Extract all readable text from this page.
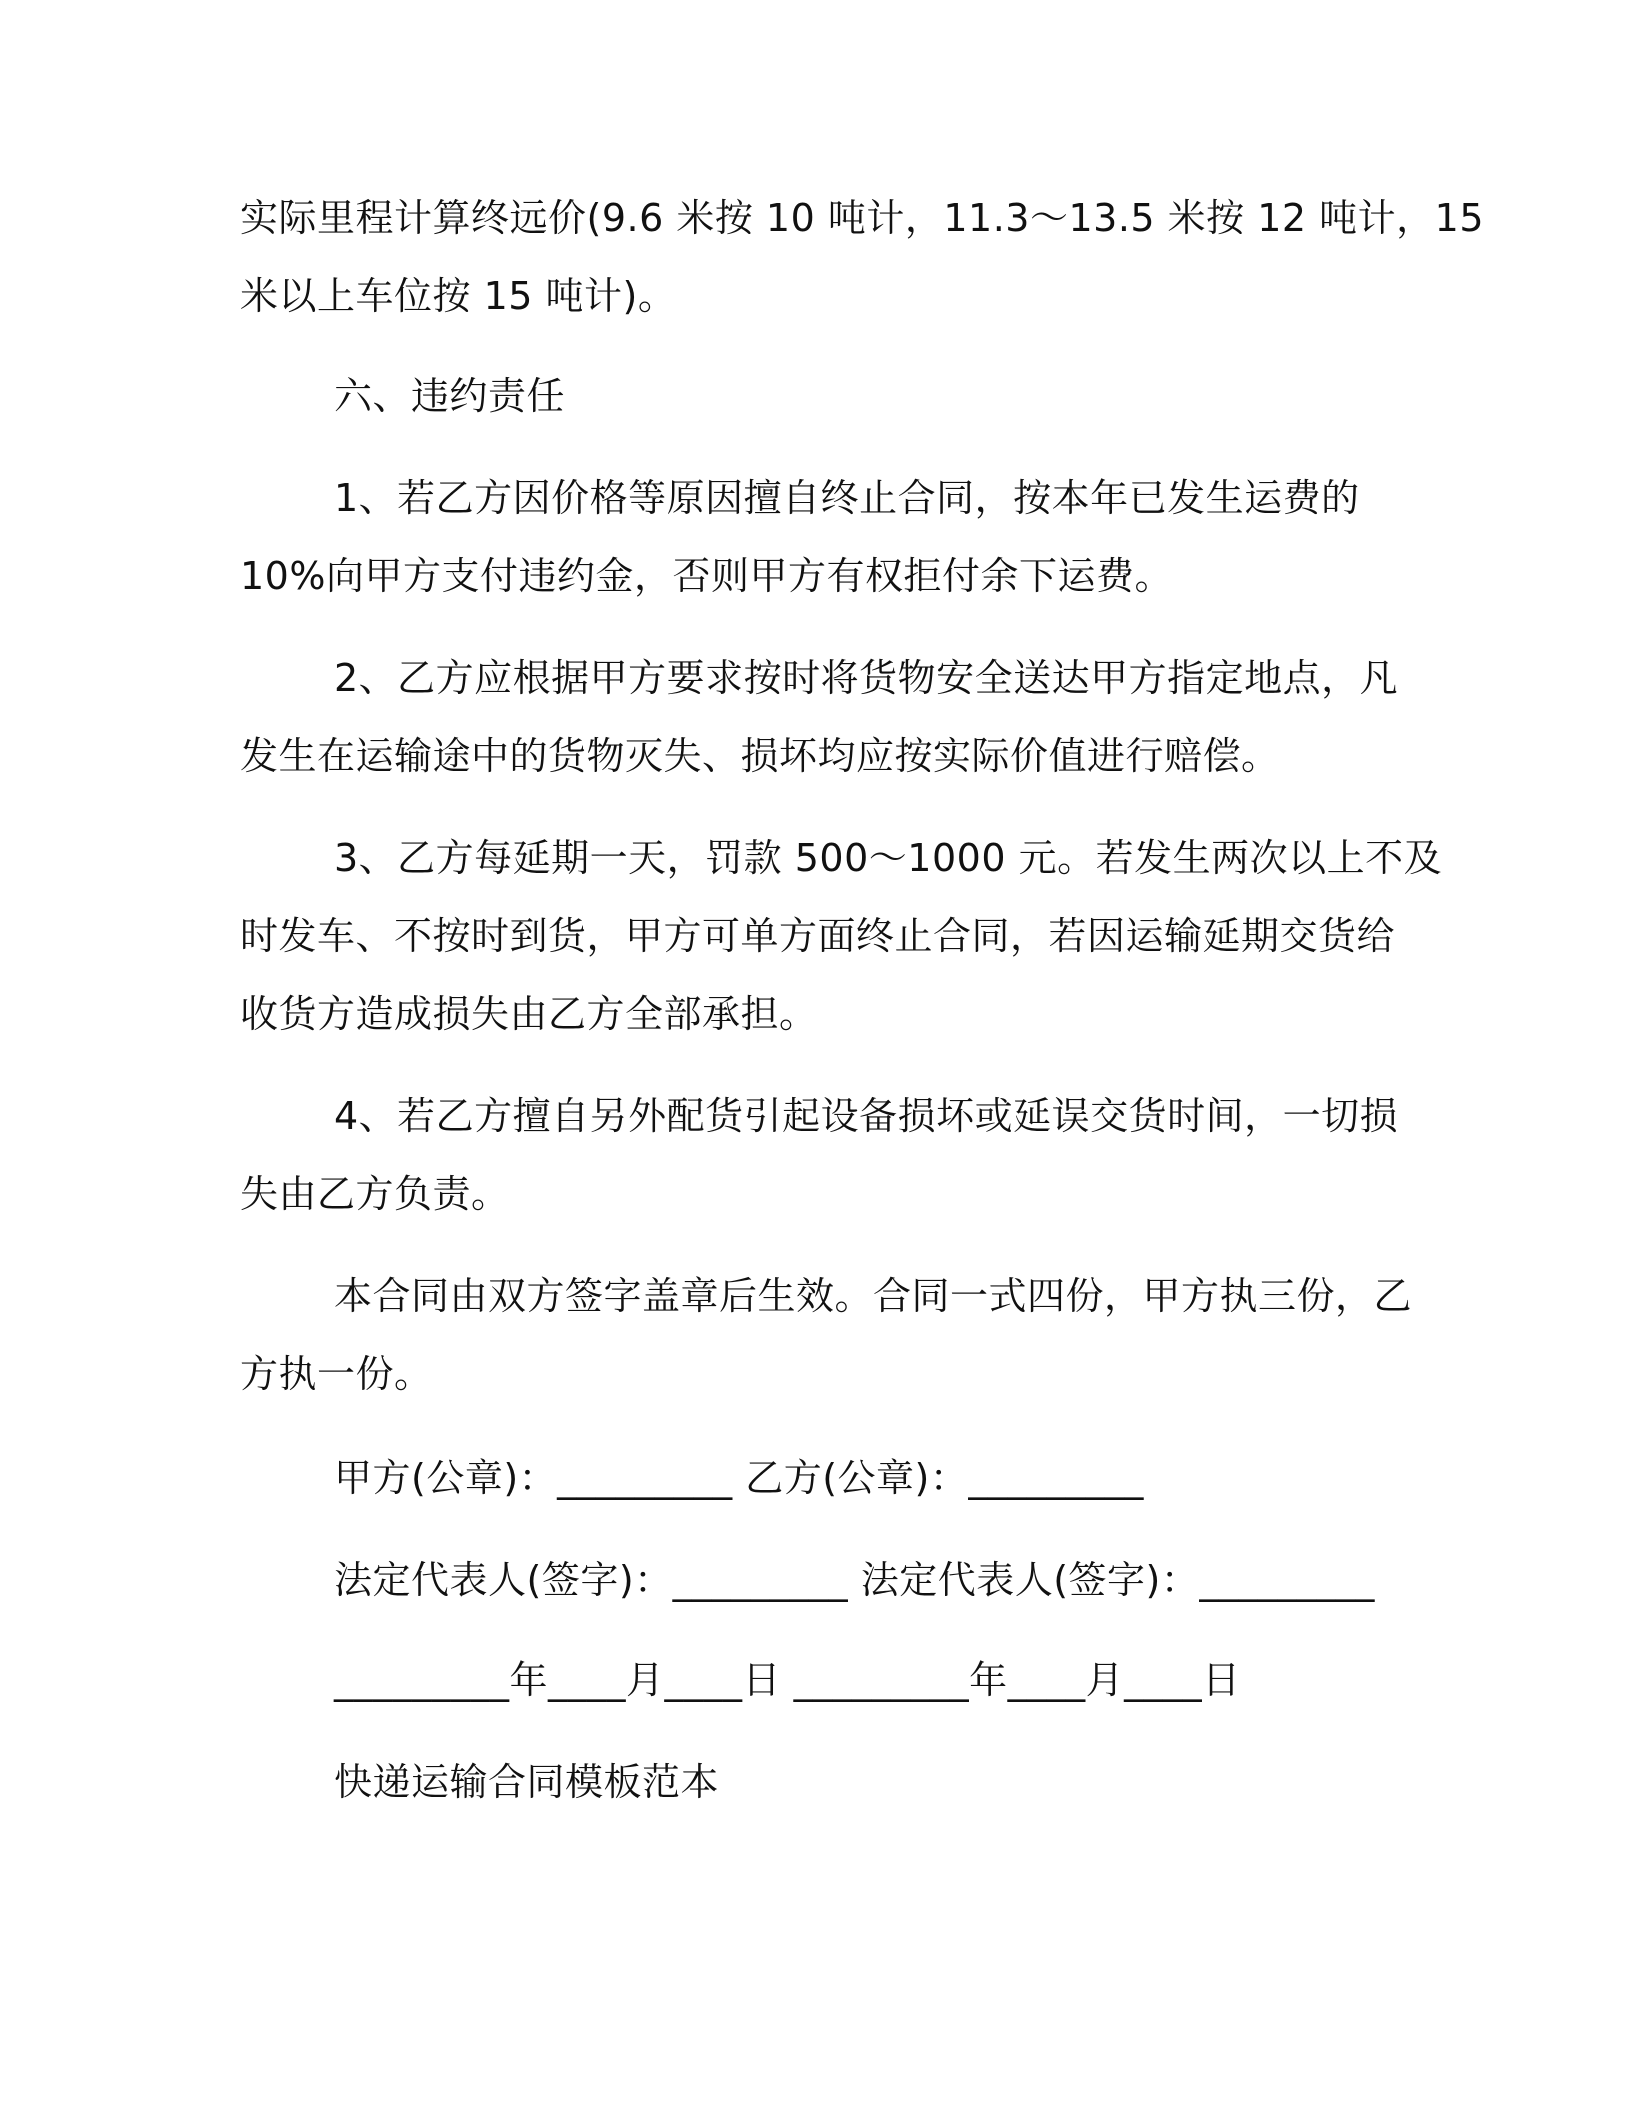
实际里程计算终远价(9.6 米按 10 吨计，11.3～13.5 米按 12 吨计，15
米以上车位按 15 吨计)。
六、违约责任
1、若乙方因价格等原因擅自终止合同，按本年已发生运费的
10%向甲方支付违约金，否则甲方有权拒付余下运费。
2、乙方应根据甲方要求按时将货物安全送达甲方指定地点，凡
发生在运输途中的货物灭失、损坏均应按实际价值进行赔偿。
3、乙方每延期一天，罚款 500～1000 元。若发生两次以上不及
时发车、不按时到货，甲方可单方面终止合同，若因运输延期交货给
收货方造成损失由乙方全部承担。
4、若乙方擅自另外配货引起设备损坏或延误交货时间，一切损
失由乙方负责。
本合同由双方签字盖章后生效。合同一式四份，甲方执三份，乙
方执一份。
甲方(公章)：_________ 乙方(公章)：_________
法定代表人(签字)：_________ 法定代表人(签字)：_________
_________年____月____日 _________年____月____日
快递运输合同模板范本
